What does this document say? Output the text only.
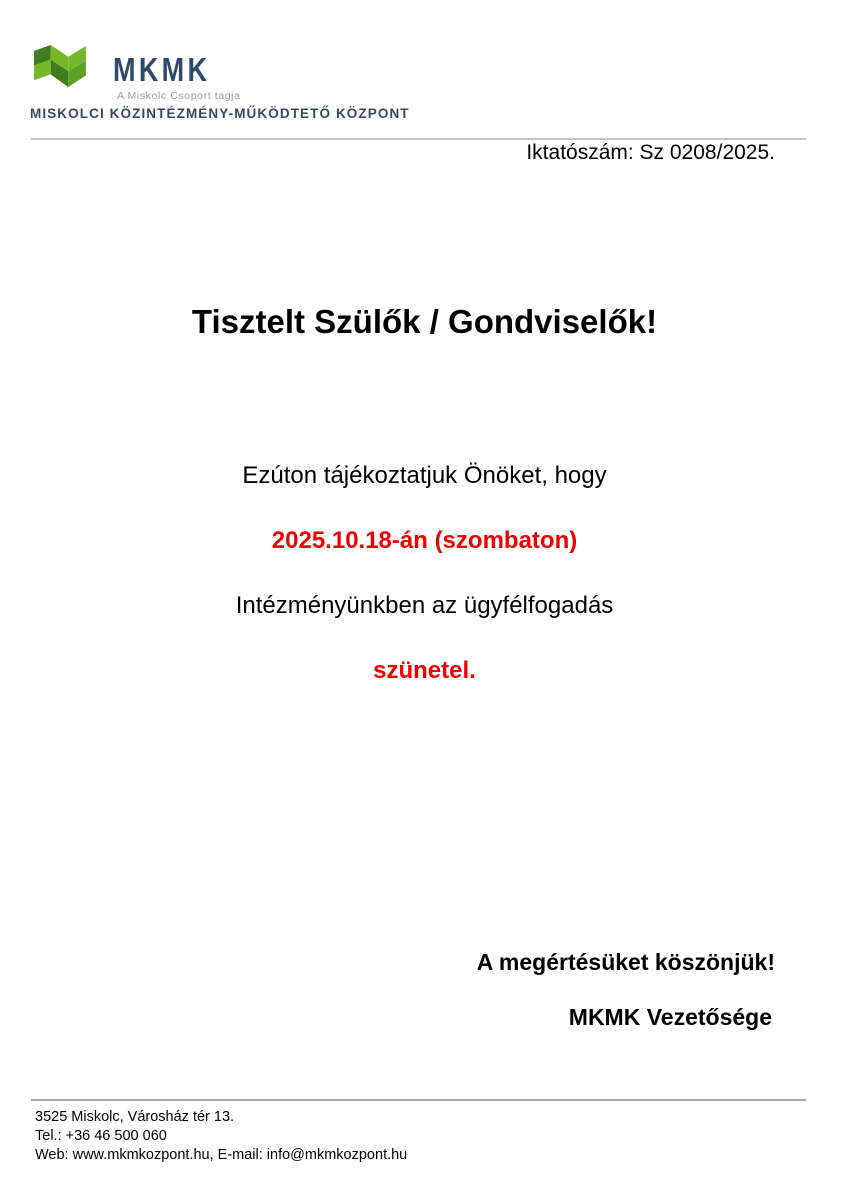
MKMK
A Miskolc Csoport tagja
MISKOLCI KÖZINTÉZMÉNY-MŰKÖDTETŐ KÖZPONT
Iktatószám: Sz 0208/2025.
Tisztelt Szülők / Gondviselők!
Ezúton tájékoztatjuk Önöket, hogy
2025.10.18-án (szombaton)
Intézményünkben az ügyfélfogadás
szünetel.
A megértésüket köszönjük!
MKMK Vezetősége
3525 Miskolc, Városház tér 13.
Tel.: +36 46 500 060
Web: www.mkmkozpont.hu, E-mail: info@mkmkozpont.hu
